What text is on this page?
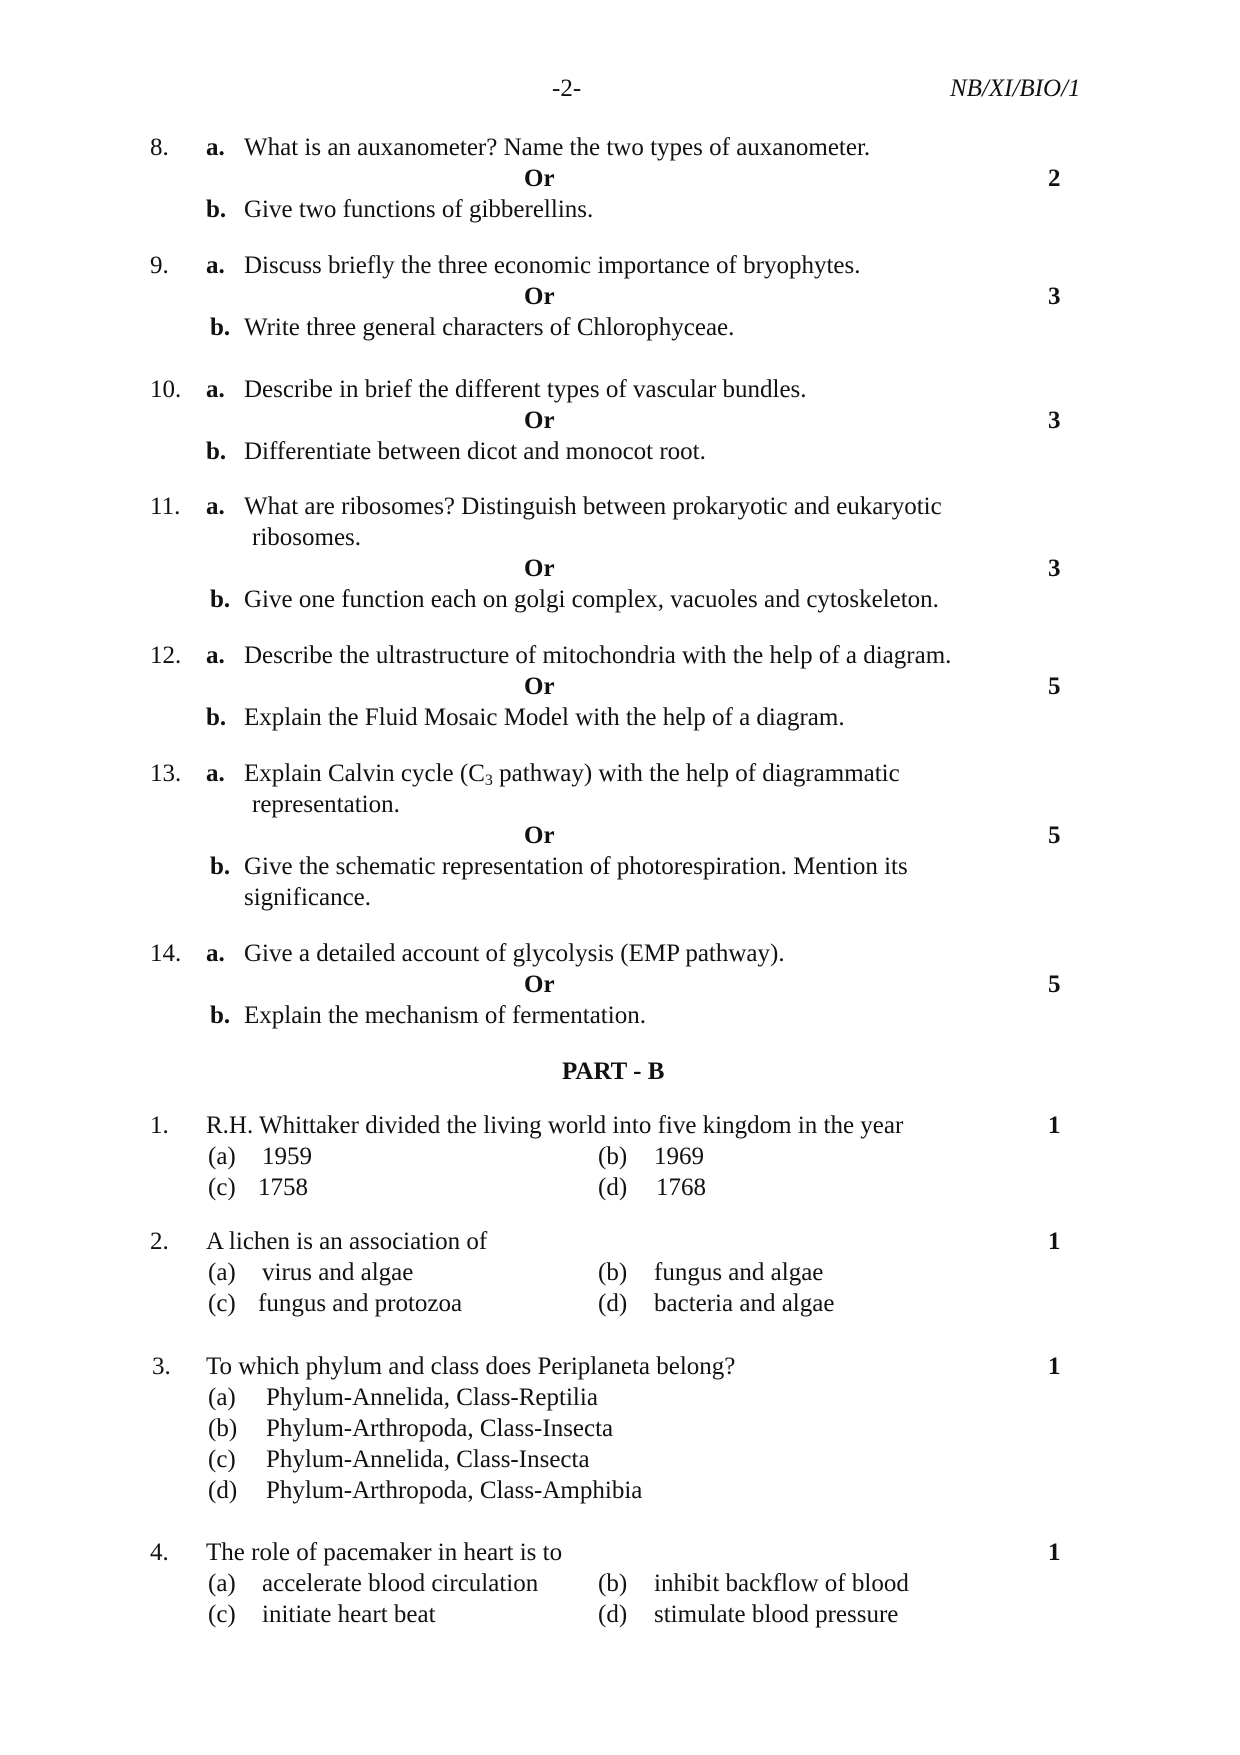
-2-	NB/XI/BIO/1
8. a. What is an auxanometer? Name the two types of auxanometer.
Or	2
b. Give two functions of gibberellins.
9. a. Discuss briefly the three economic importance of bryophytes.
Or	3
b. Write three general characters of Chlorophyceae.
10. a. Describe in brief the different types of vascular bundles.
Or	3
b. Differentiate between dicot and monocot root.
11. a. What are ribosomes? Distinguish between prokaryotic and eukaryotic
ribosomes.
Or	3
b. Give one function each on golgi complex, vacuoles and cytoskeleton.
12. a. Describe the ultrastructure of mitochondria with the help of a diagram.
Or	5
b. Explain the Fluid Mosaic Model with the help of a diagram.
13. a. Explain Calvin cycle ($C_3$ pathway) with the help of diagrammatic
representation.
Or	5
b. Give the schematic representation of photorespiration. Mention its
significance.
14. a. Give a detailed account of glycolysis (EMP pathway).
Or	5
b. Explain the mechanism of fermentation.
PART - B
1. R.H. Whittaker divided the living world into five kingdom in the year	1
(a) 1959	(b) 1969
(c) 1758	(d) 1768
2. A lichen is an association of	1
(a) virus and algae	(b) fungus and algae
(c) fungus and protozoa	(d) bacteria and algae
3. To which phylum and class does Periplaneta belong?	1
(a) Phylum-Annelida, Class-Reptilia
(b) Phylum-Arthropoda, Class-Insecta
(c) Phylum-Annelida, Class-Insecta
(d) Phylum-Arthropoda, Class-Amphibia
4. The role of pacemaker in heart is to	1
(a) accelerate blood circulation (b) inhibit backflow of blood
(c) initiate heart beat	(d) stimulate blood pressure
